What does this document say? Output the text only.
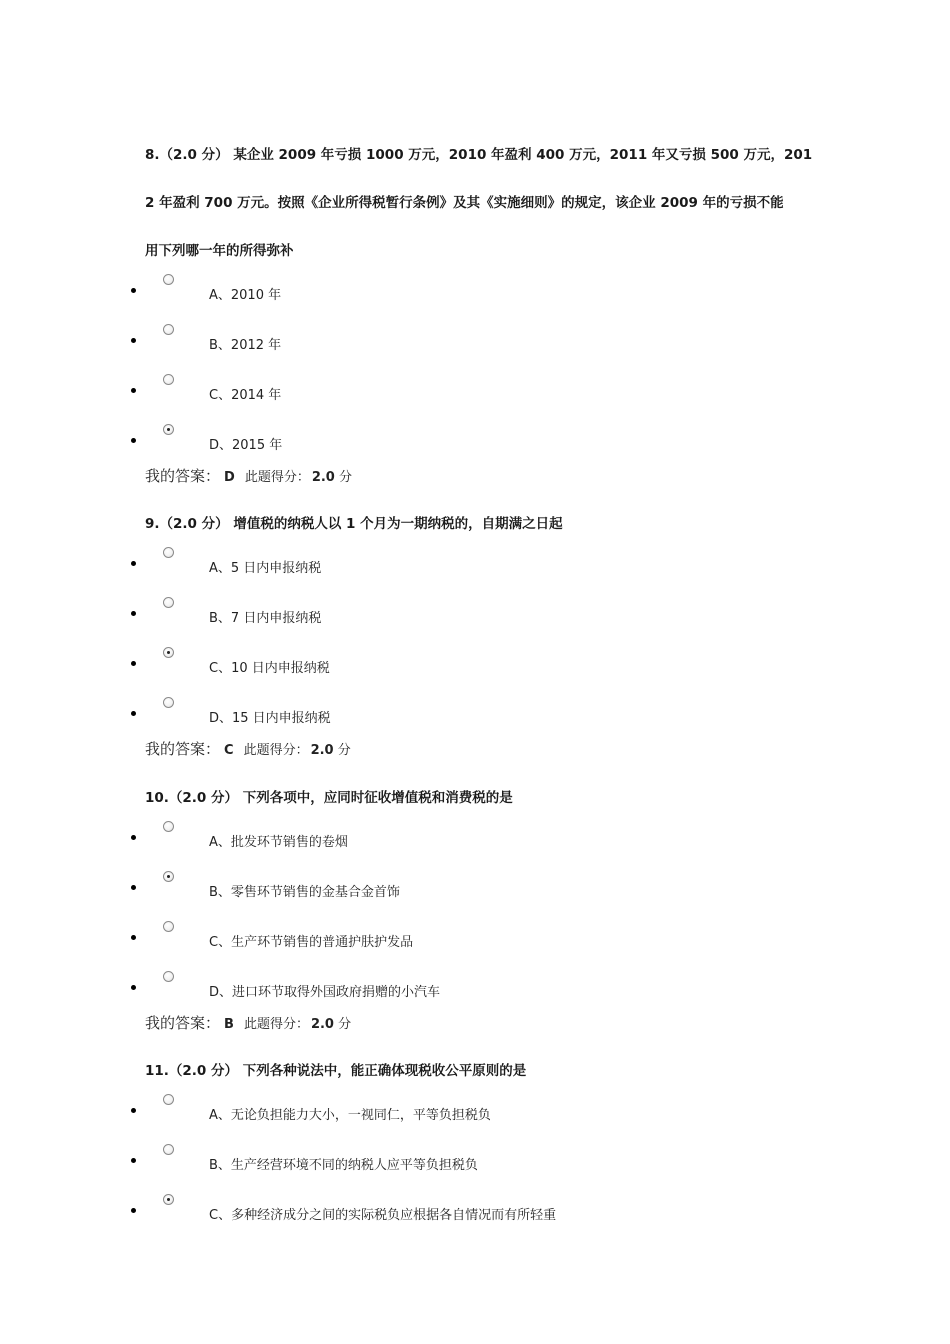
8.（2.0 分） 某企业 2009 年亏损 1000 万元，2010 年盈利 400 万元，2011 年又亏损 500 万元，201
2 年盈利 700 万元。按照《企业所得税暂行条例》及其《实施细则》的规定，该企业 2009 年的亏损不能
用下列哪一年的所得弥补
A、2010 年
B、2012 年
C、2014 年
D、2015 年
我的答案： D 此题得分： 2.0 分
9.（2.0 分） 增值税的纳税人以 1 个月为一期纳税的，自期满之日起
A、5 日内申报纳税
B、7 日内申报纳税
C、10 日内申报纳税
D、15 日内申报纳税
我的答案： C 此题得分： 2.0 分
10.（2.0 分） 下列各项中，应同时征收增值税和消费税的是
A、批发环节销售的卷烟
B、零售环节销售的金基合金首饰
C、生产环节销售的普通护肤护发品
D、进口环节取得外国政府捐赠的小汽车
我的答案： B 此题得分： 2.0 分
11.（2.0 分） 下列各种说法中，能正确体现税收公平原则的是
A、无论负担能力大小，一视同仁，平等负担税负
B、生产经营环境不同的纳税人应平等负担税负
C、多种经济成分之间的实际税负应根据各自情况而有所轻重
